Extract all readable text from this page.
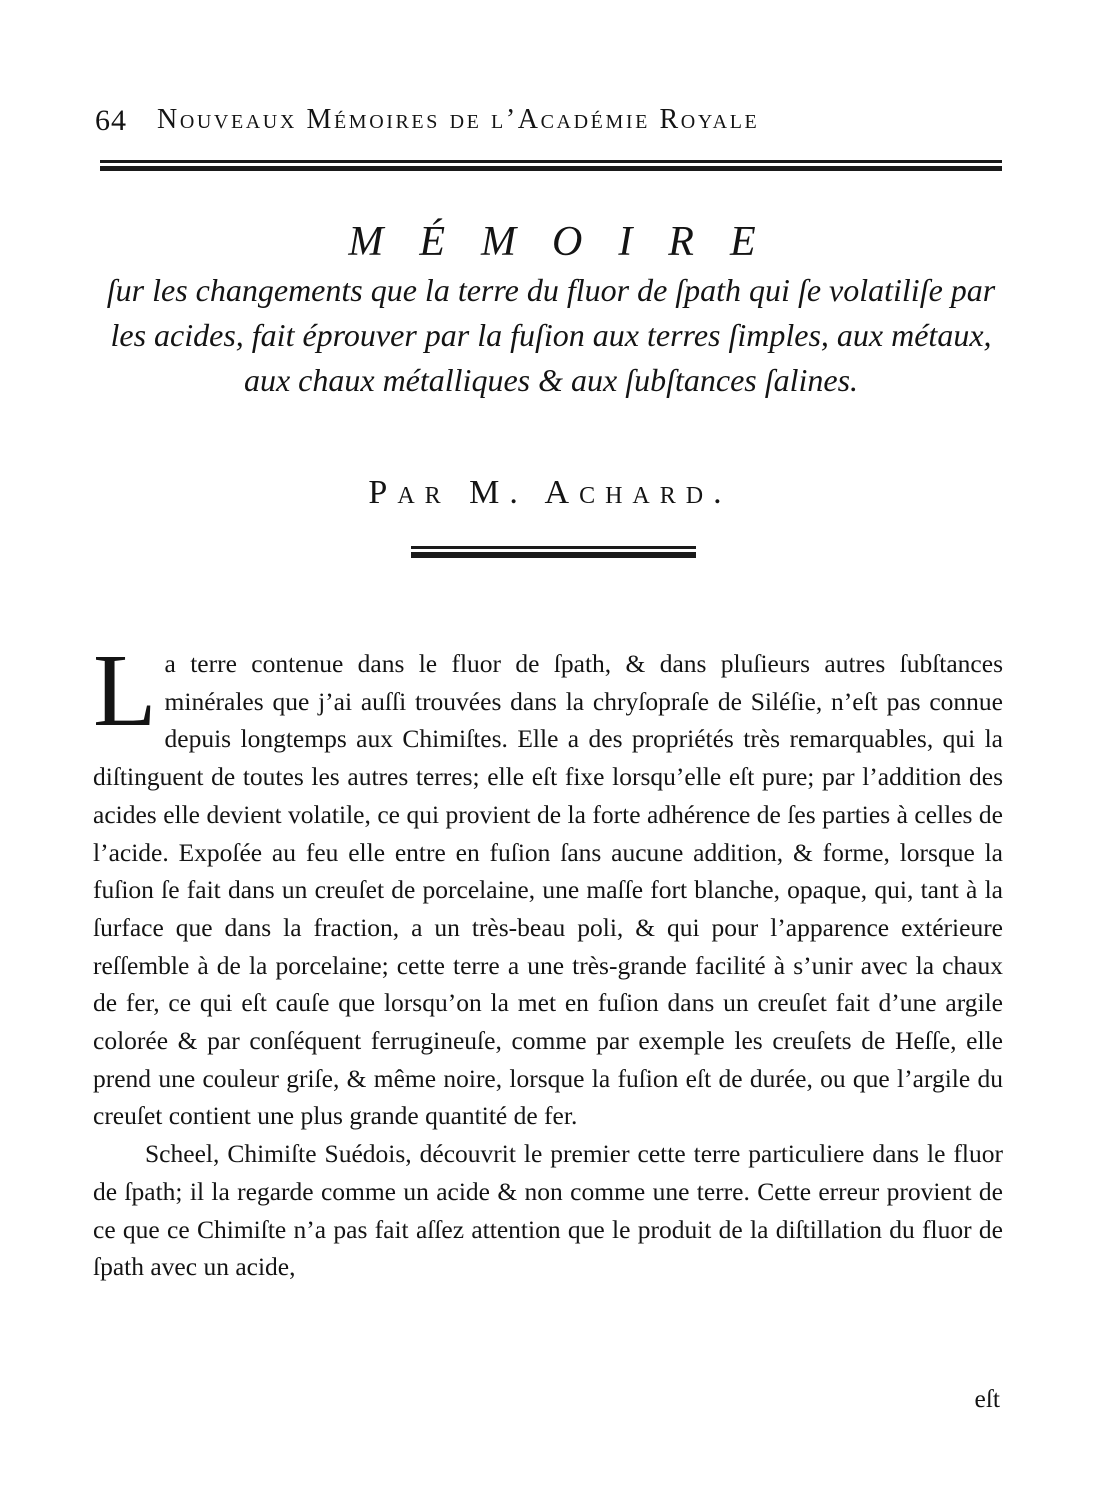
64 Nouveaux Mémoires de l’Académie Royale
MÉMOIRE
ſur les changements que la terre du fluor de ſpath qui ſe volatiliſe par les acides, fait éprouver par la fuſion aux terres ſimples, aux métaux, aux chaux métalliques & aux ſubſtances ſalines.
Par M. Achard.

La terre contenue dans le fluor de ſpath, & dans pluſieurs autres ſubſtances minérales que j’ai auſſi trouvées dans la chryſopraſe de Siléſie, n’eſt pas connue depuis longtemps aux Chimiſtes. Elle a des propriétés très remarquables, qui la diſtinguent de toutes les autres terres; elle eſt fixe lorsqu’elle eſt pure; par l’addition des acides elle devient volatile, ce qui provient de la forte adhérence de ſes parties à celles de l’acide. Expoſée au feu elle entre en fuſion ſans aucune addition, & forme, lorsque la fuſion ſe fait dans un creuſet de porcelaine, une maſſe fort blanche, opaque, qui, tant à la ſurface que dans la fraction, a un très-beau poli, & qui pour l’apparence extérieure reſſemble à de la porcelaine; cette terre a une très-grande facilité à s’unir avec la chaux de fer, ce qui eſt cauſe que lorsqu’on la met en fuſion dans un creuſet fait d’une argile colorée & par conſéquent ferrugineuſe, comme par exemple les creuſets de Heſſe, elle prend une couleur griſe, & même noire, lorsque la fuſion eſt de durée, ou que l’argile du creuſet contient une plus grande quantité de fer.

Scheel, Chimiſte Suédois, découvrit le premier cette terre particuliere dans le fluor de ſpath; il la regarde comme un acide & non comme une terre. Cette erreur provient de ce que ce Chimiſte n’a pas fait aſſez attention que le produit de la diſtillation du fluor de ſpath avec un acide,

eſt
